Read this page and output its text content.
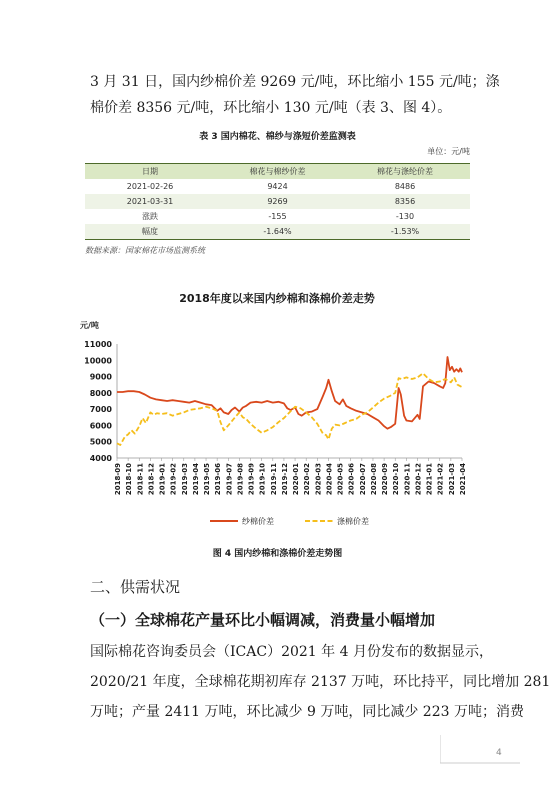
3 月 31 日，国内纱棉价差 9269 元/吨，环比缩小 155 元/吨；涤
棉价差 8356 元/吨，环比缩小 130 元/吨（表 3、图 4）。
表 3 国内棉花、棉纱与涤短价差监测表
单位：元/吨
日期	棉花与棉纱价差	棉花与涤纶价差
2021-02-26	9424	8486
2021-03-31	9269	8356
涨跌	-155	-130
幅度	-1.64%	-1.53%
数据来源：国家棉花市场监测系统
2018年度以来国内纱棉和涤棉价差走势
元/吨
4000
5000
6000
7000
8000
9000
10000
11000
2018-09 2018-10 2018-11 2018-12 2019-01 2019-02 2019-03 2019-04 2019-05 2019-06 2019-07 2019-08 2019-09 2019-10 2019-11 2019-12 2020-01 2020-02 2020-03 2020-04 2020-05 2020-06 2020-07 2020-08 2020-09 2020-10 2020-11 2020-12 2021-01 2021-02 2021-03 2021-04
纱棉价差	涤棉价差
图 4 国内纱棉和涤棉价差走势图
二、供需状况
（一）全球棉花产量环比小幅调减，消费量小幅增加
国际棉花咨询委员会（ICAC）2021 年 4 月份发布的数据显示，
2020/21 年度，全球棉花期初库存 2137 万吨，环比持平，同比增加 281
万吨；产量 2411 万吨，环比减少 9 万吨，同比减少 223 万吨；消费
4
